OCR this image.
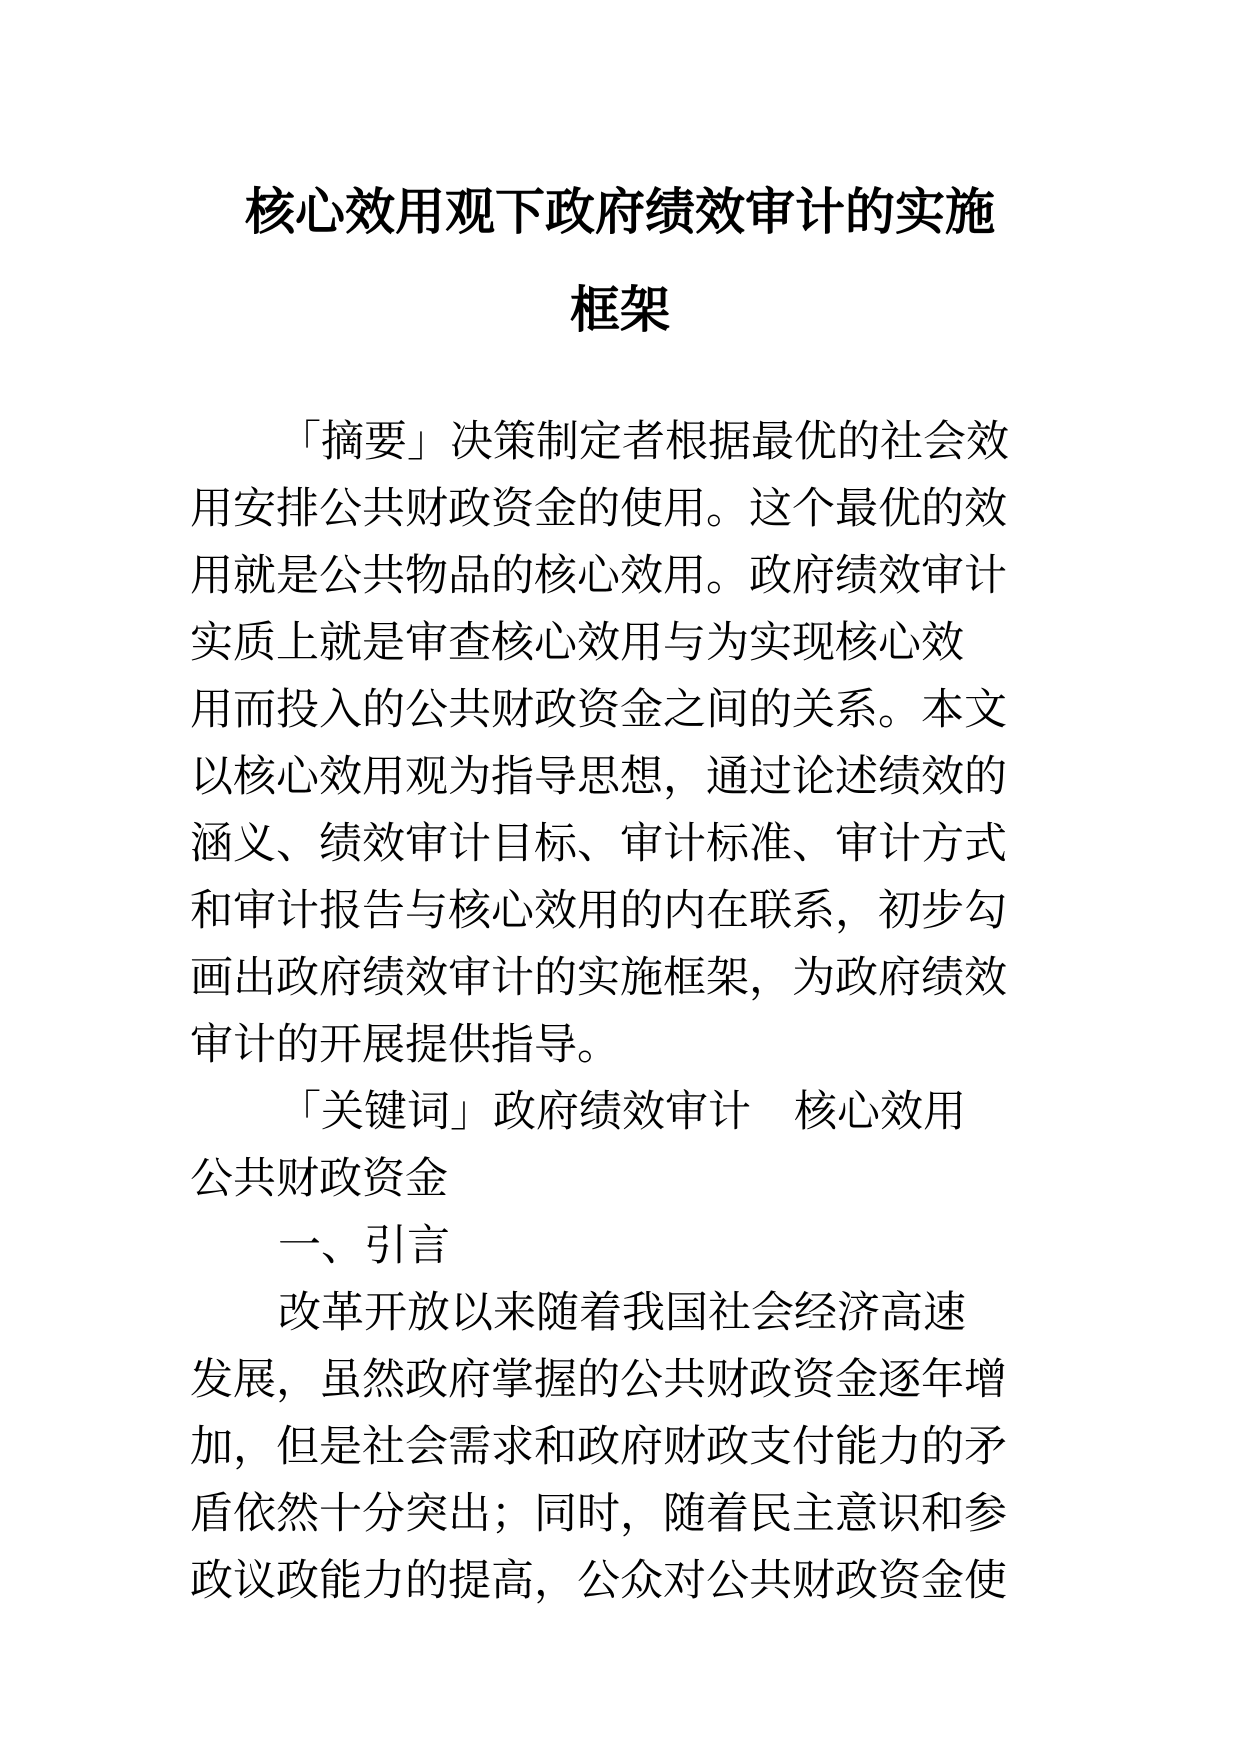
核心效用观下政府绩效审计的实施
框架
「摘要」决策制定者根据最优的社会效
用安排公共财政资金的使用。这个最优的效
用就是公共物品的核心效用。政府绩效审计
实质上就是审查核心效用与为实现核心效
用而投入的公共财政资金之间的关系。本文
以核心效用观为指导思想，通过论述绩效的
涵义、绩效审计目标、审计标准、审计方式
和审计报告与核心效用的内在联系，初步勾
画出政府绩效审计的实施框架，为政府绩效
审计的开展提供指导。
「关键词」政府绩效审计　核心效用
公共财政资金
一、引言
改革开放以来随着我国社会经济高速
发展，虽然政府掌握的公共财政资金逐年增
加，但是社会需求和政府财政支付能力的矛
盾依然十分突出；同时，随着民主意识和参
政议政能力的提高，公众对公共财政资金使
